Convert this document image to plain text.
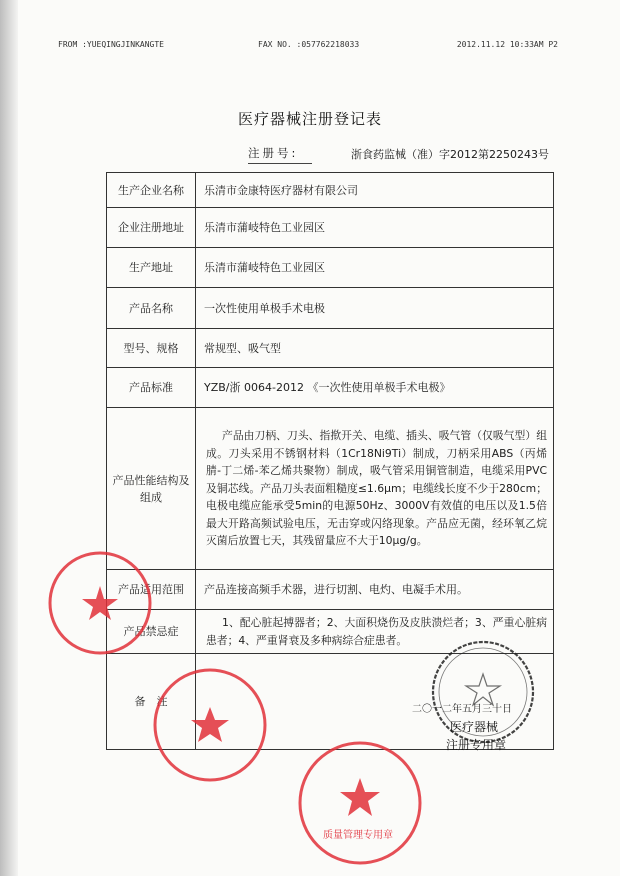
FROM :YUEQINGJINKANGTE	FAX NO. :057762218033	2012.11.12 10:33AM P2
医疗器械注册登记表
注册号:	浙食药监械（准）字2012第2250243号
生产企业名称	乐清市金康特医疗器材有限公司
企业注册地址	乐清市蒲岐特色工业园区
生产地址	乐清市蒲岐特色工业园区
产品名称	一次性使用单极手术电极
型号、规格	常规型、吸气型
产品标准	YZB/浙 0064-2012 《一次性使用单极手术电极》
产品性能结构及组成	产品由刀柄、刀头、指揿开关、电缆、插头、吸气管（仅吸气型）组成。刀头采用不锈钢材料（1Cr18Ni9Ti）制成，刀柄采用ABS（丙烯腈-丁二烯-苯乙烯共聚物）制成，吸气管采用铜管制造，电缆采用PVC及铜芯线。产品刀头表面粗糙度≤1.6μm；电缆线长度不少于280cm；电极电缆应能承受5min的电源50Hz、3000V有效值的电压以及1.5倍最大开路高频试验电压，无击穿或闪络现象。产品应无菌，经环氧乙烷灭菌后放置七天，其残留量应不大于10μg/g。
产品适用范围	产品连接高频手术器，进行切割、电灼、电凝手术用。
产品禁忌症	1、配心脏起搏器者；2、大面积烧伤及皮肤溃烂者；3、严重心脏病患者；4、严重肾衰及多种病综合症患者。
备　注	
二〇一二年五月三十日
医疗器械
注册专用章
质量管理专用章
